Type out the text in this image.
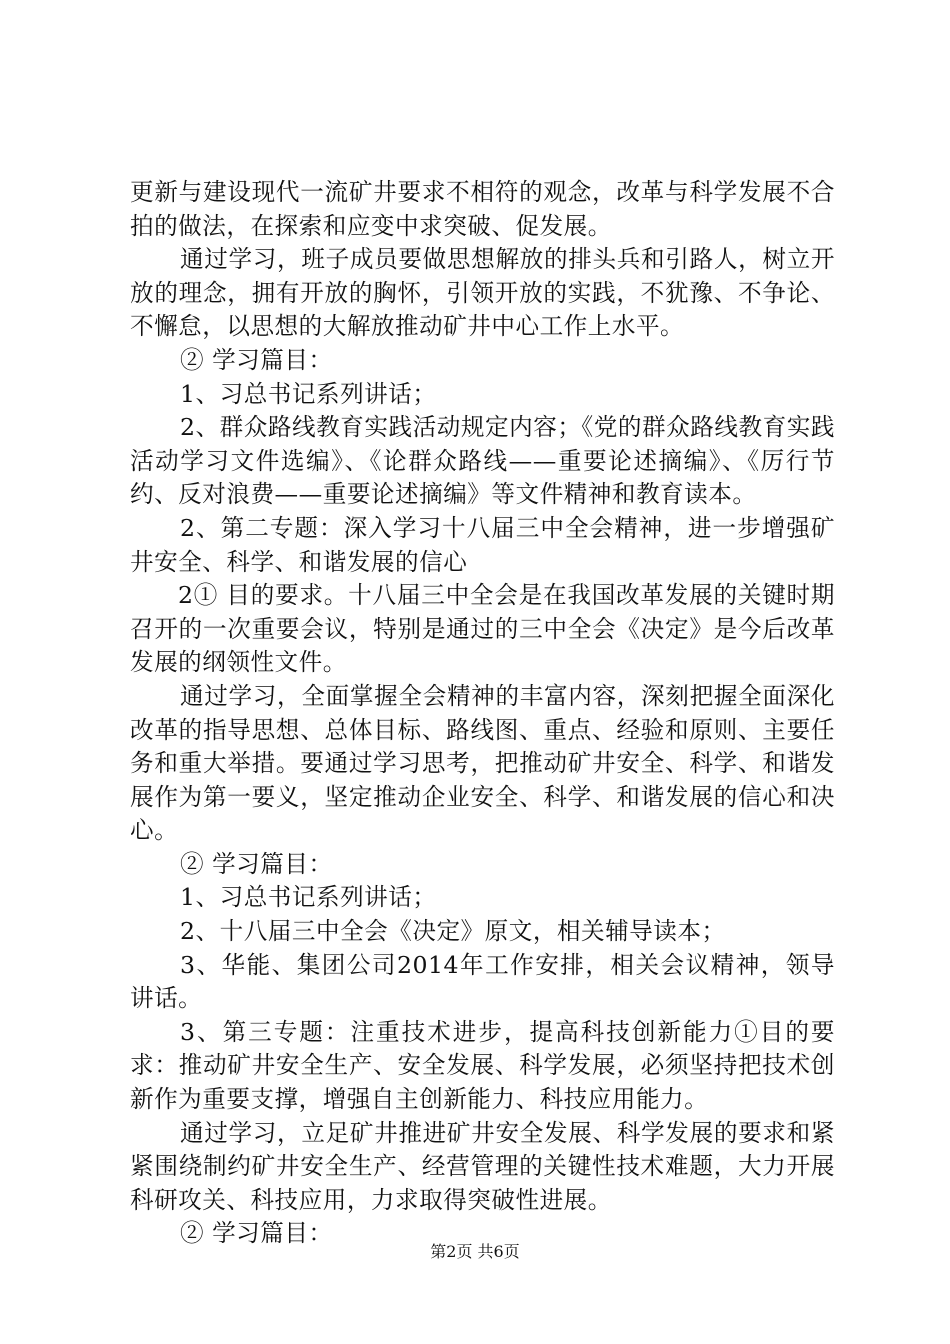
更新与建设现代一流矿井要求不相符的观念，改革与科学发展不合拍的做法，在探索和应变中求突破、促发展。

通过学习，班子成员要做思想解放的排头兵和引路人，树立开放的理念，拥有开放的胸怀，引领开放的实践，不犹豫、不争论、不懈怠，以思想的大解放推动矿井中心工作上水平。

② 学习篇目：

1、习总书记系列讲话；

2、群众路线教育实践活动规定内容；《党的群众路线教育实践活动学习文件选编》、《论群众路线——重要论述摘编》、《厉行节约、反对浪费——重要论述摘编》等文件精神和教育读本。

2、第二专题：深入学习十八届三中全会精神，进一步增强矿井安全、科学、和谐发展的信心

2① 目的要求。十八届三中全会是在我国改革发展的关键时期召开的一次重要会议，特别是通过的三中全会《决定》是今后改革发展的纲领性文件。

通过学习，全面掌握全会精神的丰富内容，深刻把握全面深化改革的指导思想、总体目标、路线图、重点、经验和原则、主要任务和重大举措。要通过学习思考，把推动矿井安全、科学、和谐发展作为第一要义，坚定推动企业安全、科学、和谐发展的信心和决心。

② 学习篇目：

1、习总书记系列讲话；

2、十八届三中全会《决定》原文，相关辅导读本；

3、华能、集团公司2014年工作安排，相关会议精神，领导讲话。

3、第三专题：注重技术进步，提高科技创新能力①目的要求：推动矿井安全生产、安全发展、科学发展，必须坚持把技术创新作为重要支撑，增强自主创新能力、科技应用能力。

通过学习，立足矿井推进矿井安全发展、科学发展的要求和紧紧围绕制约矿井安全生产、经营管理的关键性技术难题，大力开展科研攻关、科技应用，力求取得突破性进展。

② 学习篇目：

第2页 共6页
